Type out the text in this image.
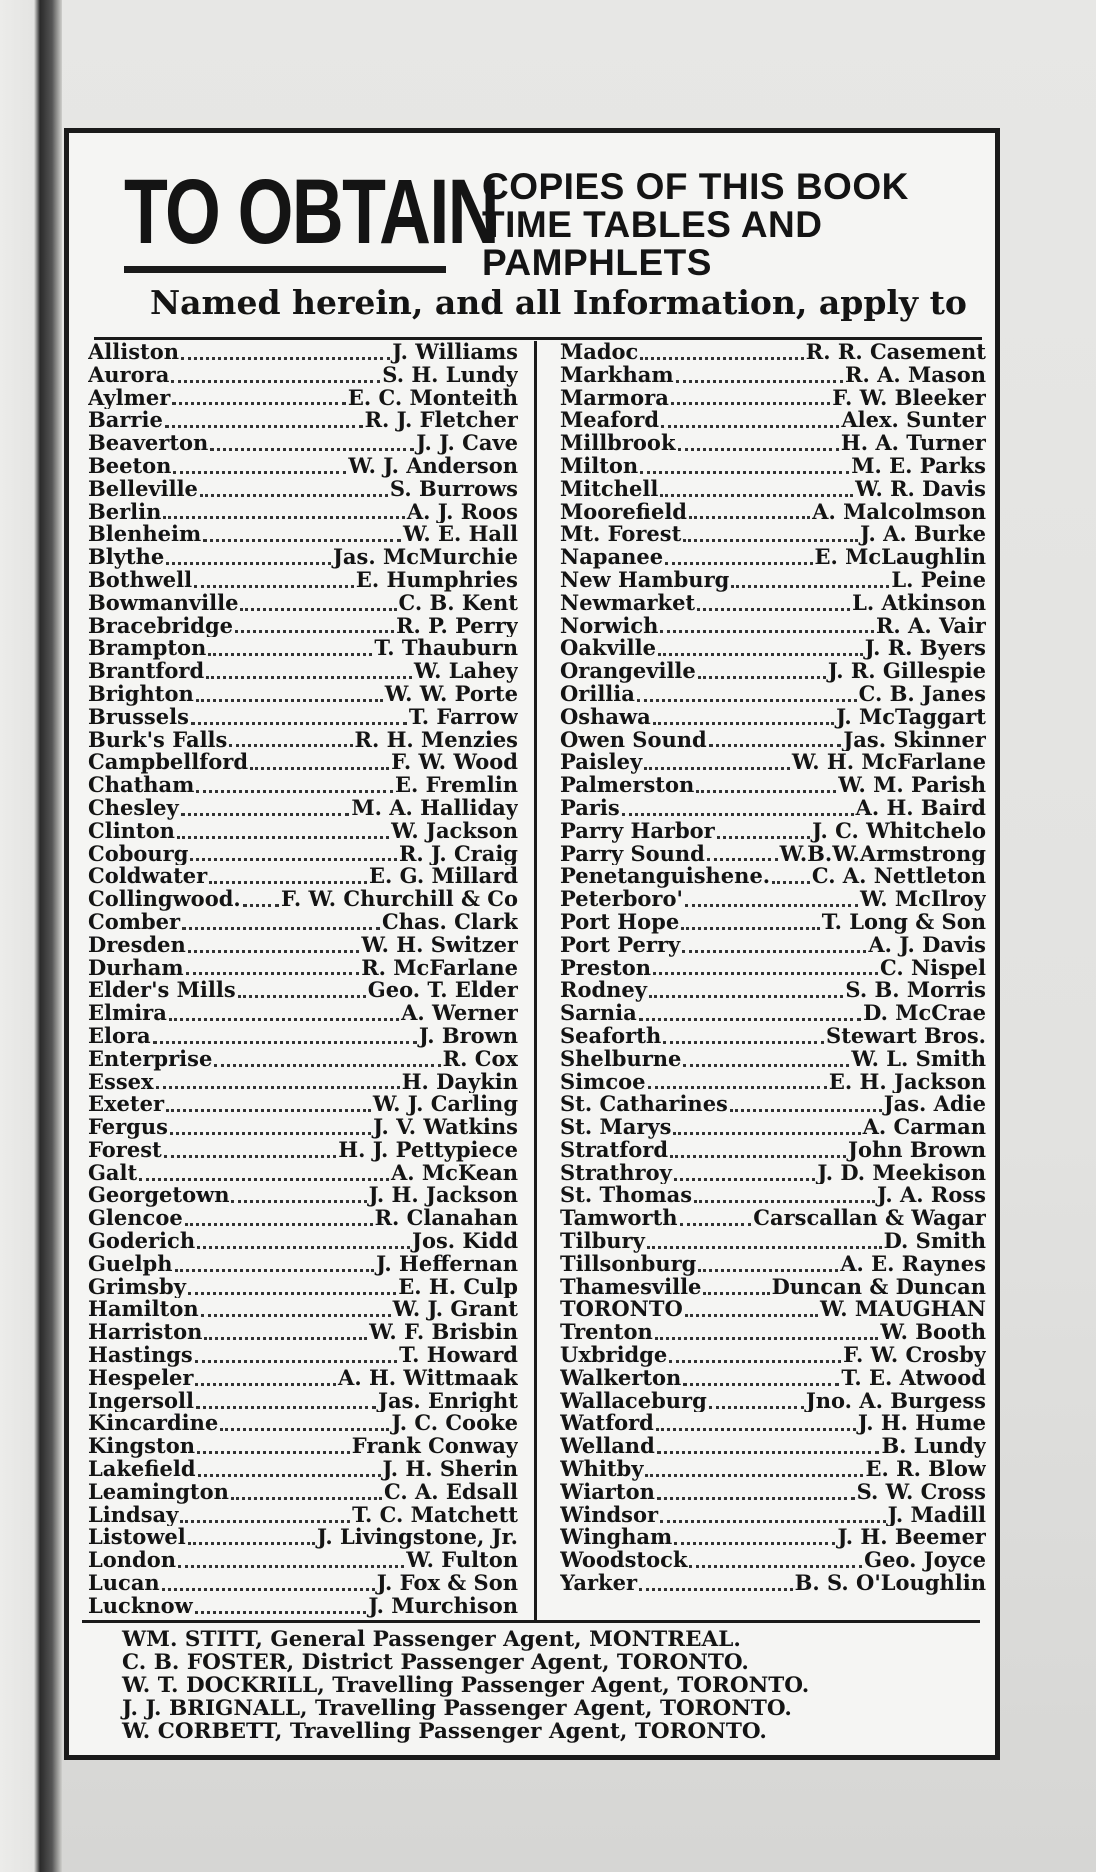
TO OBTAIN
COPIES OF THIS BOOK
TIME TABLES AND
PAMPHLETS
Named herein, and all Information, apply to
Alliston	J. Williams
Aurora	S. H. Lundy
Aylmer	E. C. Monteith
Barrie	R. J. Fletcher
Beaverton	J. J. Cave
Beeton	W. J. Anderson
Belleville	S. Burrows
Berlin	A. J. Roos
Blenheim	W. E. Hall
Blythe	Jas. McMurchie
Bothwell	E. Humphries
Bowmanville	C. B. Kent
Bracebridge	R. P. Perry
Brampton	T. Thauburn
Brantford	W. Lahey
Brighton	W. W. Porte
Brussels	T. Farrow
Burk's Falls	R. H. Menzies
Campbellford	F. W. Wood
Chatham	E. Fremlin
Chesley	M. A. Halliday
Clinton	W. Jackson
Cobourg	R. J. Craig
Coldwater	E. G. Millard
Collingwood. F. W. Churchill & Co
Comber	Chas. Clark
Dresden	W. H. Switzer
Durham	R. McFarlane
Elder's Mills	Geo. T. Elder
Elmira	A. Werner
Elora	J. Brown
Enterprise	R. Cox
Essex	H. Daykin
Exeter	W. J. Carling
Fergus	J. V. Watkins
Forest	H. J. Pettypiece
Galt	A. McKean
Georgetown	J. H. Jackson
Glencoe	R. Clanahan
Goderich	Jos. Kidd
Guelph	J. Heffernan
Grimsby	E. H. Culp
Hamilton	W. J. Grant
Harriston	W. F. Brisbin
Hastings	T. Howard
Hespeler	A. H. Wittmaak
Ingersoll	Jas. Enright
Kincardine	J. C. Cooke
Kingston	Frank Conway
Lakefield	J. H. Sherin
Leamington	C. A. Edsall
Lindsay	T. C. Matchett
Listowel	J. Livingstone, Jr.
London	W. Fulton
Lucan	J. Fox & Son
Lucknow	J. Murchison
Madoc	R. R. Casement
Markham	R. A. Mason
Marmora	F. W. Bleeker
Meaford	Alex. Sunter
Millbrook	H. A. Turner
Milton	M. E. Parks
Mitchell	W. R. Davis
Moorefield	A. Malcolmson
Mt. Forest	J. A. Burke
Napanee	E. McLaughlin
New Hamburg	L. Peine
Newmarket	L. Atkinson
Norwich	R. A. Vair
Oakville	J. R. Byers
Orangeville	J. R. Gillespie
Orillia	C. B. Janes
Oshawa	J. McTaggart
Owen Sound	Jas. Skinner
Paisley	W. H. McFarlane
Palmerston	W. M. Parish
Paris	A. H. Baird
Parry Harbor	J. C. Whitchelo
Parry Sound	W.B.W.Armstrong
Penetanguishene. C. A. Nettleton
Peterboro'	W. McIlroy
Port Hope	T. Long & Son
Port Perry	A. J. Davis
Preston	C. Nispel
Rodney	S. B. Morris
Sarnia	D. McCrae
Seaforth	Stewart Bros.
Shelburne	W. L. Smith
Simcoe	E. H. Jackson
St. Catharines	Jas. Adie
St. Marys	A. Carman
Stratford	John Brown
Strathroy	J. D. Meekison
St. Thomas	J. A. Ross
Tamworth	Carscallan & Wagar
Tilbury	D. Smith
Tillsonburg	A. E. Raynes
Thamesville	Duncan & Duncan
TORONTO	W. MAUGHAN
Trenton	W. Booth
Uxbridge	F. W. Crosby
Walkerton	T. E. Atwood
Wallaceburg	Jno. A. Burgess
Watford	J. H. Hume
Welland	B. Lundy
Whitby	E. R. Blow
Wiarton	S. W. Cross
Windsor	J. Madill
Wingham	J. H. Beemer
Woodstock	Geo. Joyce
Yarker	B. S. O'Loughlin
WM. STITT, General Passenger Agent, MONTREAL.
C. B. FOSTER, District Passenger Agent, TORONTO.
W. T. DOCKRILL, Travelling Passenger Agent, TORONTO.
J. J. BRIGNALL, Travelling Passenger Agent, TORONTO.
W. CORBETT, Travelling Passenger Agent, TORONTO.
